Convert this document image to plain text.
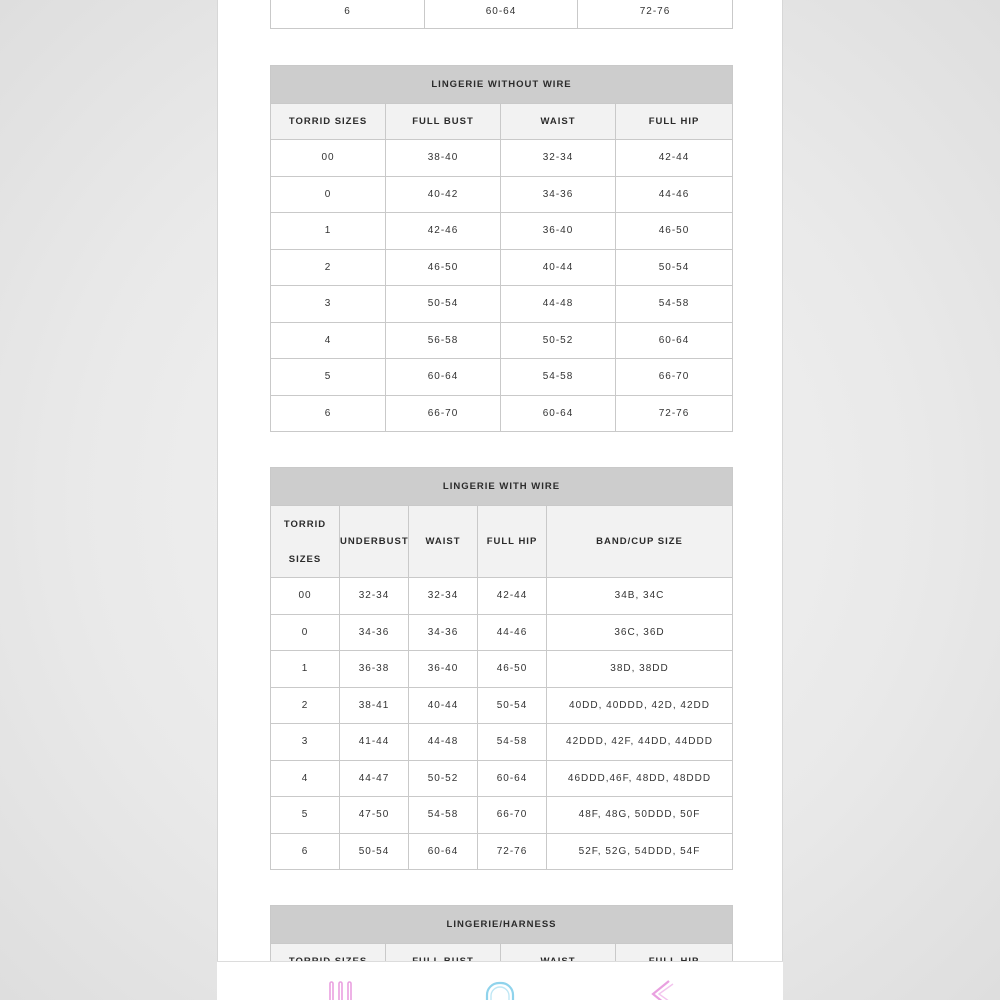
6	60-64	72-76
LINGERIE WITHOUT WIRE			
TORRID SIZES	FULL BUST	WAIST	FULL HIP
00	38-40	32-34	42-44
0	40-42	34-36	44-46
1	42-46	36-40	46-50
2	46-50	40-44	50-54
3	50-54	44-48	54-58
4	56-58	50-52	60-64
5	60-64	54-58	66-70
6	66-70	60-64	72-76
LINGERIE WITH WIRE				
TORRID SIZES	UNDERBUST	WAIST	FULL HIP	BAND/CUP SIZE
00	32-34	32-34	42-44	34B, 34C
0	34-36	34-36	44-46	36C, 36D
1	36-38	36-40	46-50	38D, 38DD
2	38-41	40-44	50-54	40DD, 40DDD, 42D, 42DD
3	41-44	44-48	54-58	42DDD, 42F, 44DD, 44DDD
4	44-47	50-52	60-64	46DDD,46F, 48DD, 48DDD
5	47-50	54-58	66-70	48F, 48G, 50DDD, 50F
6	50-54	60-64	72-76	52F, 52G, 54DDD, 54F
LINGERIE/HARNESS
